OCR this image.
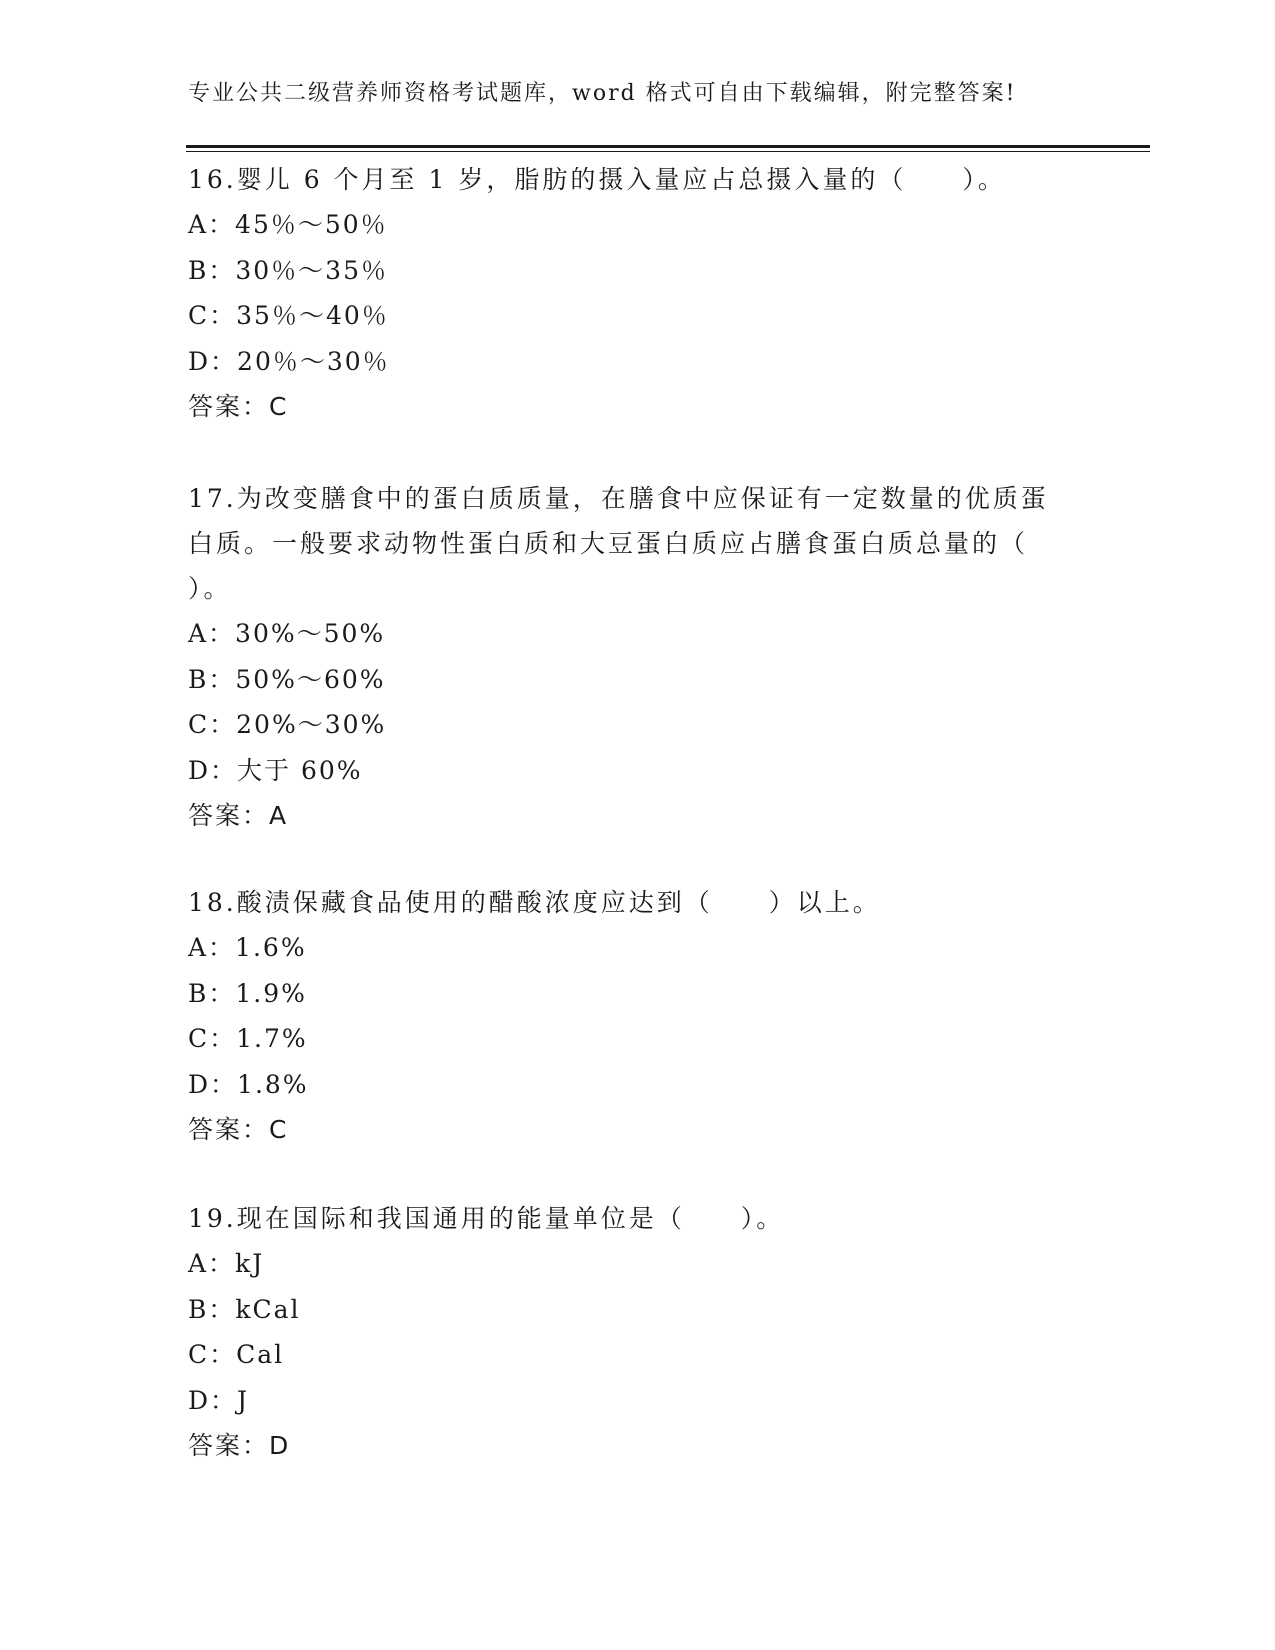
专业公共二级营养师资格考试题库，word 格式可自由下载编辑，附完整答案!
16.婴儿 6 个月至 1 岁，脂肪的摄入量应占总摄入量的（　　）。
A：45％～50％
B：30％～35％
C：35％～40％
D：20％～30％
答案：C
17.为改变膳食中的蛋白质质量，在膳食中应保证有一定数量的优质蛋
白质。一般要求动物性蛋白质和大豆蛋白质应占膳食蛋白质总量的（
）。
A：30%～50%
B：50%～60%
C：20%～30%
D：大于 60%
答案：A
18.酸渍保藏食品使用的醋酸浓度应达到（　　）以上。
A：1.6%
B：1.9%
C：1.7%
D：1.8%
答案：C
19.现在国际和我国通用的能量单位是（　　）。
A：kJ
B：kCal
C：Cal
D：J
答案：D
